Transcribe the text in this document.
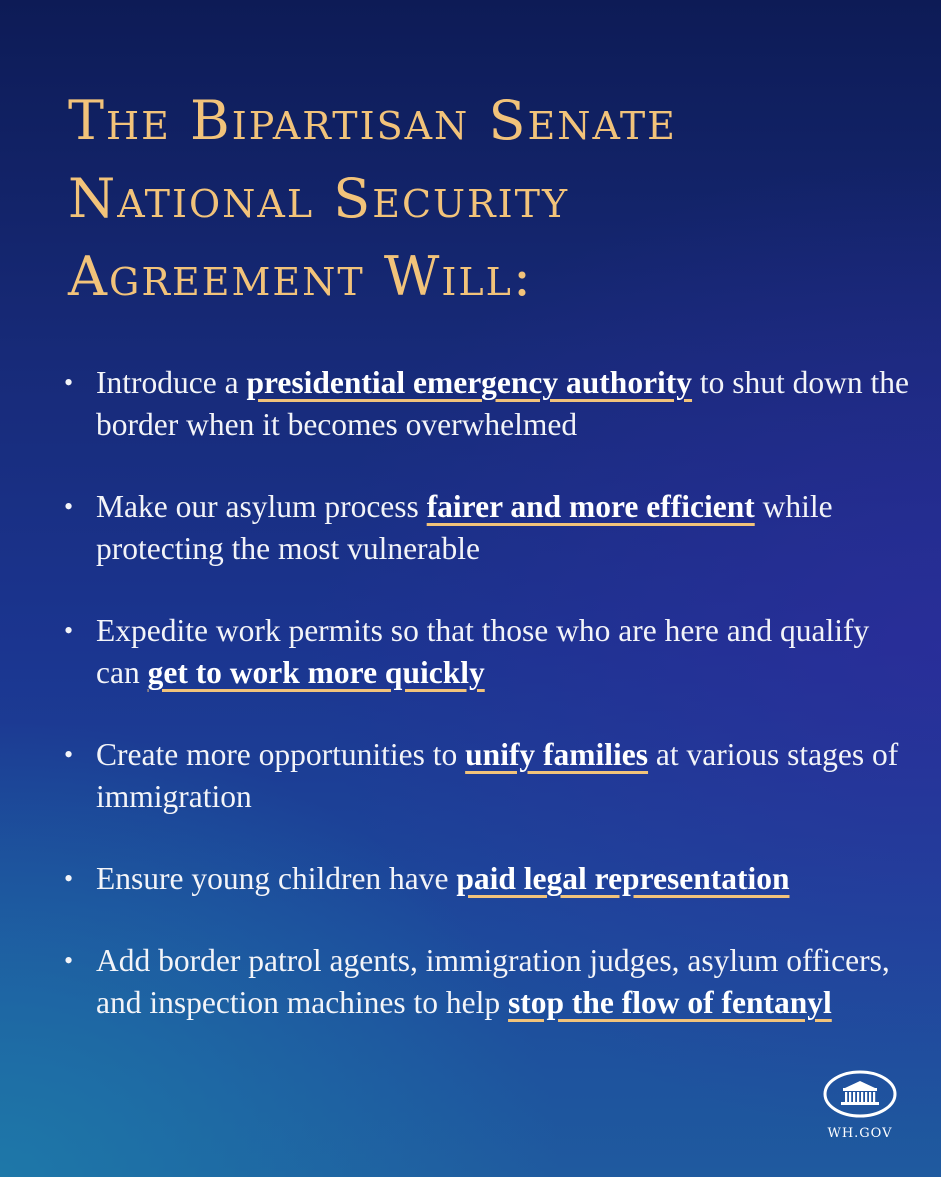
The Bipartisan Senate
National Security
Agreement Will:
• Introduce a presidential emergency authority to shut down the border when it becomes overwhelmed
• Make our asylum process fairer and more efficient while protecting the most vulnerable
• Expedite work permits so that those who are here and qualify can get to work more quickly
• Create more opportunities to unify families at various stages of immigration
• Ensure young children have paid legal representation
• Add border patrol agents, immigration judges, asylum officers, and inspection machines to help stop the flow of fentanyl
WH.GOV
